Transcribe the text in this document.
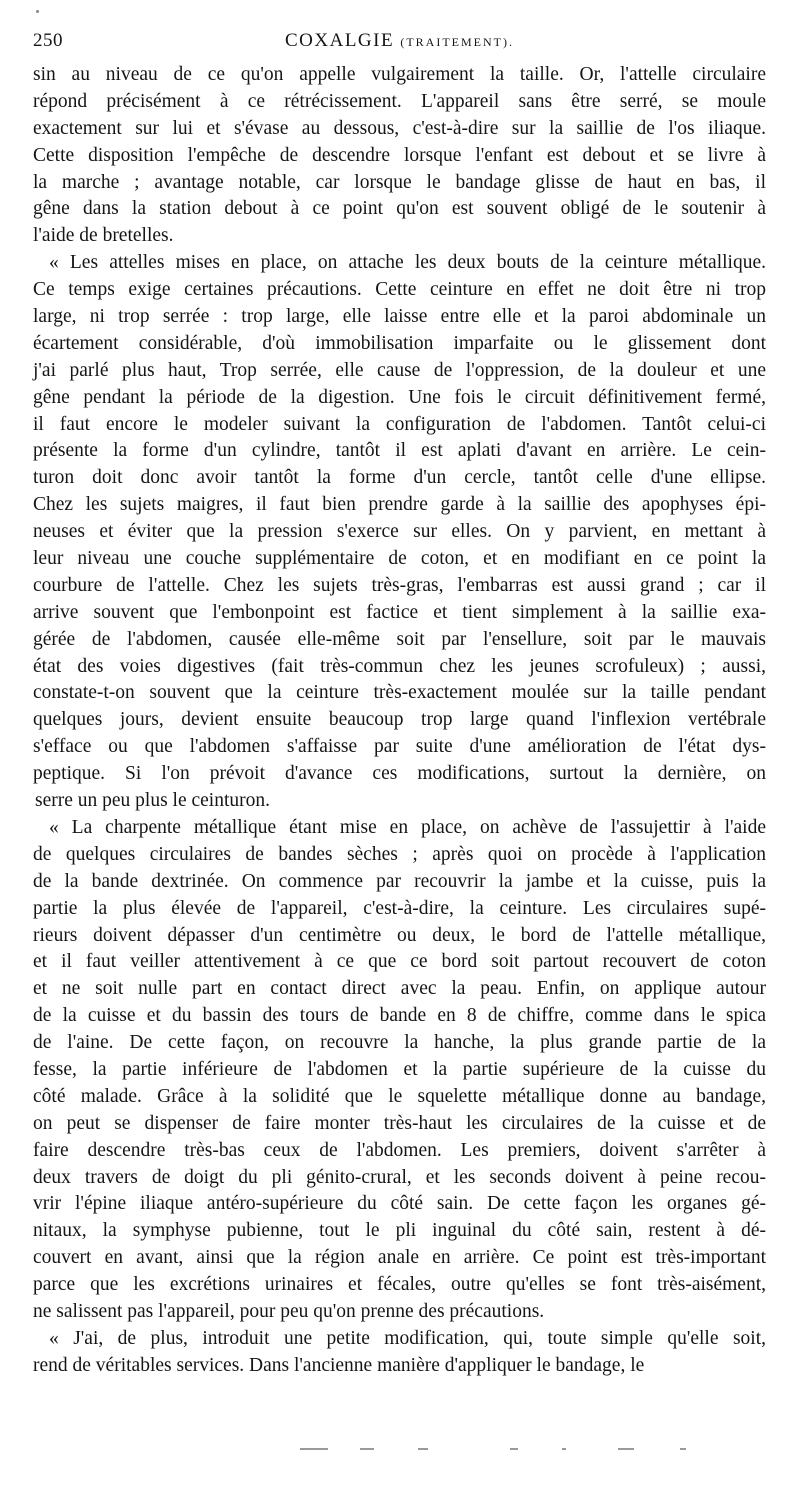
250	COXALGIE (TRAITEMENT).
sin au niveau de ce qu'on appelle vulgairement la taille. Or, l'attelle circulaire
répond précisément à ce rétrécissement. L'appareil sans être serré, se moule
exactement sur lui et s'évase au dessous, c'est-à-dire sur la saillie de l'os iliaque.
Cette disposition l'empêche de descendre lorsque l'enfant est debout et se livre à
la marche ; avantage notable, car lorsque le bandage glisse de haut en bas, il
gêne dans la station debout à ce point qu'on est souvent obligé de le soutenir à
l'aide de bretelles.
« Les attelles mises en place, on attache les deux bouts de la ceinture métallique.
Ce temps exige certaines précautions. Cette ceinture en effet ne doit être ni trop
large, ni trop serrée : trop large, elle laisse entre elle et la paroi abdominale un
écartement considérable, d'où immobilisation imparfaite ou le glissement dont
j'ai parlé plus haut, Trop serrée, elle cause de l'oppression, de la douleur et une
gêne pendant la période de la digestion. Une fois le circuit définitivement fermé,
il faut encore le modeler suivant la configuration de l'abdomen. Tantôt celui-ci
présente la forme d'un cylindre, tantôt il est aplati d'avant en arrière. Le cein-
turon doit donc avoir tantôt la forme d'un cercle, tantôt celle d'une ellipse.
Chez les sujets maigres, il faut bien prendre garde à la saillie des apophyses épi-
neuses et éviter que la pression s'exerce sur elles. On y parvient, en mettant à
leur niveau une couche supplémentaire de coton, et en modifiant en ce point la
courbure de l'attelle. Chez les sujets très-gras, l'embarras est aussi grand ; car il
arrive souvent que l'embonpoint est factice et tient simplement à la saillie exa-
gérée de l'abdomen, causée elle-même soit par l'ensellure, soit par le mauvais
état des voies digestives (fait très-commun chez les jeunes scrofuleux) ; aussi,
constate-t-on souvent que la ceinture très-exactement moulée sur la taille pendant
quelques jours, devient ensuite beaucoup trop large quand l'inflexion vertébrale
s'efface ou que l'abdomen s'affaisse par suite d'une amélioration de l'état dys-
peptique. Si l'on prévoit d'avance ces modifications, surtout la dernière, on
serre un peu plus le ceinturon.
« La charpente métallique étant mise en place, on achève de l'assujettir à l'aide
de quelques circulaires de bandes sèches ; après quoi on procède à l'application
de la bande dextrinée. On commence par recouvrir la jambe et la cuisse, puis la
partie la plus élevée de l'appareil, c'est-à-dire, la ceinture. Les circulaires supé-
rieurs doivent dépasser d'un centimètre ou deux, le bord de l'attelle métallique,
et il faut veiller attentivement à ce que ce bord soit partout recouvert de coton
et ne soit nulle part en contact direct avec la peau. Enfin, on applique autour
de la cuisse et du bassin des tours de bande en 8 de chiffre, comme dans le spica
de l'aine. De cette façon, on recouvre la hanche, la plus grande partie de la
fesse, la partie inférieure de l'abdomen et la partie supérieure de la cuisse du
côté malade. Grâce à la solidité que le squelette métallique donne au bandage,
on peut se dispenser de faire monter très-haut les circulaires de la cuisse et de
faire descendre très-bas ceux de l'abdomen. Les premiers, doivent s'arrêter à
deux travers de doigt du pli génito-crural, et les seconds doivent à peine recou-
vrir l'épine iliaque antéro-supérieure du côté sain. De cette façon les organes gé-
nitaux, la symphyse pubienne, tout le pli inguinal du côté sain, restent à dé-
couvert en avant, ainsi que la région anale en arrière. Ce point est très-important
parce que les excrétions urinaires et fécales, outre qu'elles se font très-aisément,
ne salissent pas l'appareil, pour peu qu'on prenne des précautions.
« J'ai, de plus, introduit une petite modification, qui, toute simple qu'elle soit,
rend de véritables services. Dans l'ancienne manière d'appliquer le bandage, le
